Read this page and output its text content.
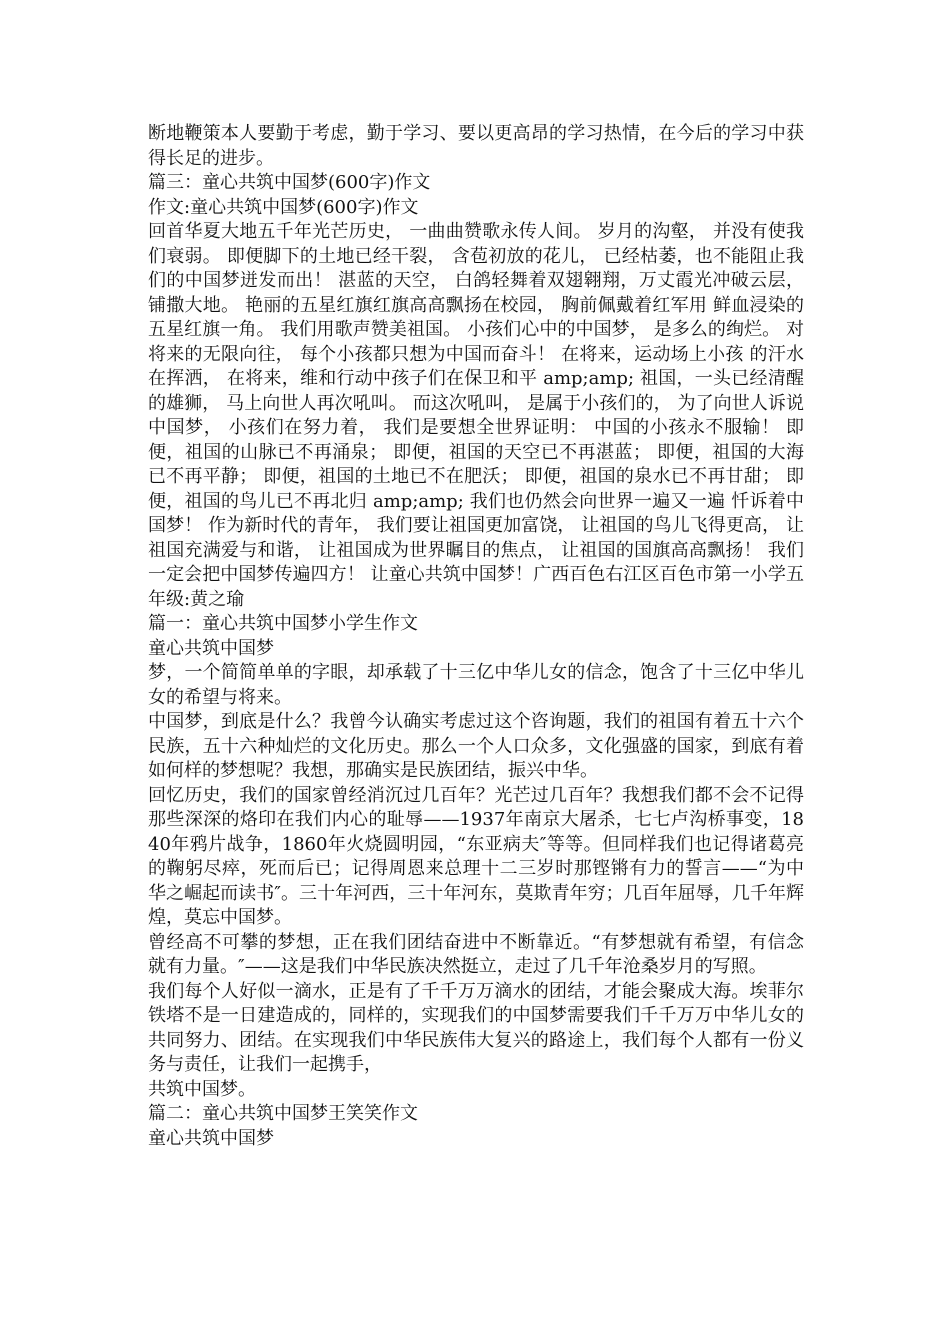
断地鞭策本人要勤于考虑，勤于学习、要以更高昂的学习热情，在今后的学习中获得长足的进步。

篇三：童心共筑中国梦(600字)作文

作文:童心共筑中国梦(600字)作文

回首华夏大地五千年光芒历史， 一曲曲赞歌永传人间。 岁月的沟壑， 并没有使我们衰弱。 即便脚下的土地已经干裂， 含苞初放的花儿， 已经枯萎，也不能阻止我们的中国梦迸发而出！ 湛蓝的天空， 白鸽轻舞着双翅翱翔，万丈霞光冲破云层， 铺撒大地。 艳丽的五星红旗红旗高高飘扬在校园， 胸前佩戴着红军用 鲜血浸染的五星红旗一角。 我们用歌声赞美祖国。 小孩们心中的中国梦， 是多么的绚烂。 对将来的无限向往， 每个小孩都只想为中国而奋斗！ 在将来，运动场上小孩 的汗水在挥洒， 在将来，维和行动中孩子们在保卫和平 amp;amp; 祖国，一头已经清醒的雄狮， 马上向世人再次吼叫。 而这次吼叫， 是属于小孩们的， 为了向世人诉说中国梦， 小孩们在努力着， 我们是要想全世界证明： 中国的小孩永不服输！ 即便，祖国的山脉已不再涌泉； 即便，祖国的天空已不再湛蓝； 即便，祖国的大海已不再平静； 即便，祖国的土地已不在肥沃； 即便，祖国的泉水已不再甘甜； 即便，祖国的鸟儿已不再北归 amp;amp; 我们也仍然会向世界一遍又一遍 忏诉着中国梦！ 作为新时代的青年， 我们要让祖国更加富饶， 让祖国的鸟儿飞得更高， 让祖国充满爱与和谐， 让祖国成为世界瞩目的焦点， 让祖国的国旗高高飘扬！ 我们一定会把中国梦传遍四方！ 让童心共筑中国梦！广西百色右江区百色市第一小学五年级:黄之瑜

篇一：童心共筑中国梦小学生作文

童心共筑中国梦

梦，一个简简单单的字眼，却承载了十三亿中华儿女的信念，饱含了十三亿中华儿女的希望与将来。

中国梦，到底是什么？我曾今认确实考虑过这个咨询题，我们的祖国有着五十六个民族，五十六种灿烂的文化历史。那么一个人口众多，文化强盛的国家，到底有着如何样的梦想呢？我想，那确实是民族团结，振兴中华。

回忆历史，我们的国家曾经消沉过几百年？光芒过几百年？我想我们都不会不记得那些深深的烙印在我们内心的耻辱——1937年南京大屠杀，七七卢沟桥事变，1840年鸦片战争，1860年火烧圆明园，“东亚病夫″等等。但同样我们也记得诸葛亮的鞠躬尽瘁，死而后已；记得周恩来总理十二三岁时那铿锵有力的誓言——“为中华之崛起而读书″。三十年河西，三十年河东，莫欺青年穷；几百年屈辱，几千年辉煌，莫忘中国梦。

曾经高不可攀的梦想，正在我们团结奋进中不断靠近。“有梦想就有希望，有信念就有力量。″——这是我们中华民族决然挺立，走过了几千年沧桑岁月的写照。

我们每个人好似一滴水，正是有了千千万万滴水的团结，才能会聚成大海。埃菲尔铁塔不是一日建造成的，同样的，实现我们的中国梦需要我们千千万万中华儿女的共同努力、团结。在实现我们中华民族伟大复兴的路途上，我们每个人都有一份义务与责任，让我们一起携手，

共筑中国梦。

篇二：童心共筑中国梦王笑笑作文

童心共筑中国梦
